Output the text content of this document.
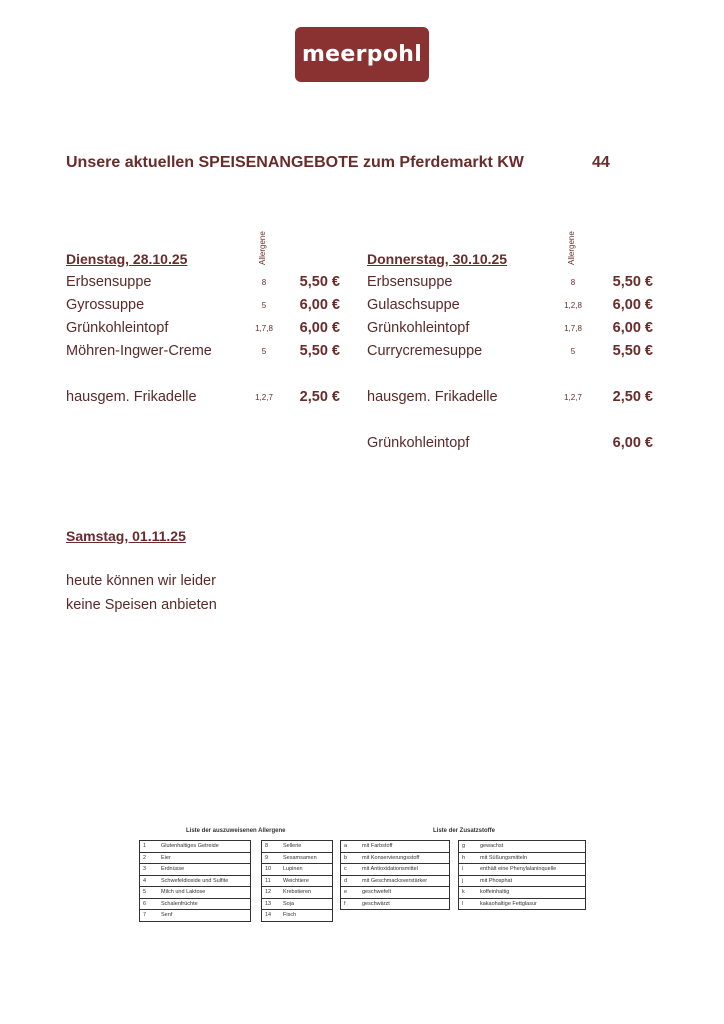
meerpohl
Unsere aktuellen SPEISENANGEBOTE zum Pferdemarkt KW	44
Allergene
Dienstag, 28.10.25
Erbsensuppe	8	5,50 €
Gyrossuppe	5	6,00 €
Grünkohleintopf	1,7,8	6,00 €
Möhren-Ingwer-Creme	5	5,50 €
hausgem. Frikadelle	1,2,7	2,50 €
Allergene
Donnerstag, 30.10.25
Erbsensuppe	8	5,50 €
Gulaschsuppe	1,2,8	6,00 €
Grünkohleintopf	1,7,8	6,00 €
Currycremesuppe	5	5,50 €
hausgem. Frikadelle	1,2,7	2,50 €
Grünkohleintopf	6,00 €
Samstag, 01.11.25
heute können wir leider
keine Speisen anbieten
Liste der auszuweisenen Allergene	Liste der Zusatzstoffe
1	Glutenhaltiges Getreide
2	Eier
3	Erdnüsse
4	Schwefeldioxide und Sulfite
5	Milch und Laktose
6	Schalenfrüchte
7	Senf
8	Sellerie
9	Sesamsamen
10	Lupinen
11	Weichtiere
12	Krebstieren
13	Soja
14	Fisch
a	mit Farbstoff
b	mit Konservierungsstoff
c	mit Antioxidationsmittel
d	mit Geschmacksverstärker
e	geschwefelt
f	geschwärzt
g	gewachst
h	mit Süßungsmitteln
i	enthält eine Phenylalaninquelle
j	mit Phosphat
k	koffeinhaltig
l	kakaohaltige Fettglasur
